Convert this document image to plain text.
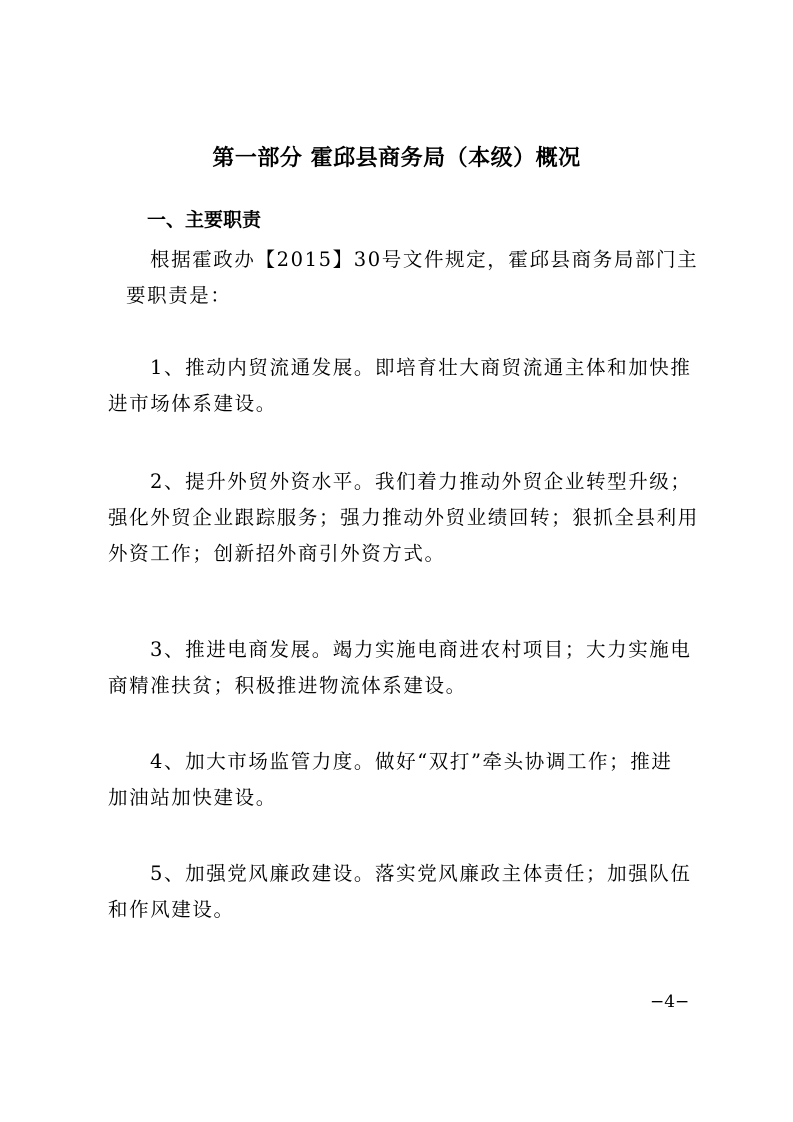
第一部分 霍邱县商务局（本级）概况
一、主要职责
根据霍政办【2015】30号文件规定，霍邱县商务局部门主
要职责是：
1、推动内贸流通发展。即培育壮大商贸流通主体和加快推
进市场体系建设。
2、提升外贸外资水平。我们着力推动外贸企业转型升级；
强化外贸企业跟踪服务；强力推动外贸业绩回转；狠抓全县利用
外资工作；创新招外商引外资方式。
3、推进电商发展。竭力实施电商进农村项目；大力实施电
商精准扶贫；积极推进物流体系建设。
4、加大市场监管力度。做好“双打”牵头协调工作；推进
加油站加快建设。
5、加强党风廉政建设。落实党风廉政主体责任；加强队伍
和作风建设。
−4−
